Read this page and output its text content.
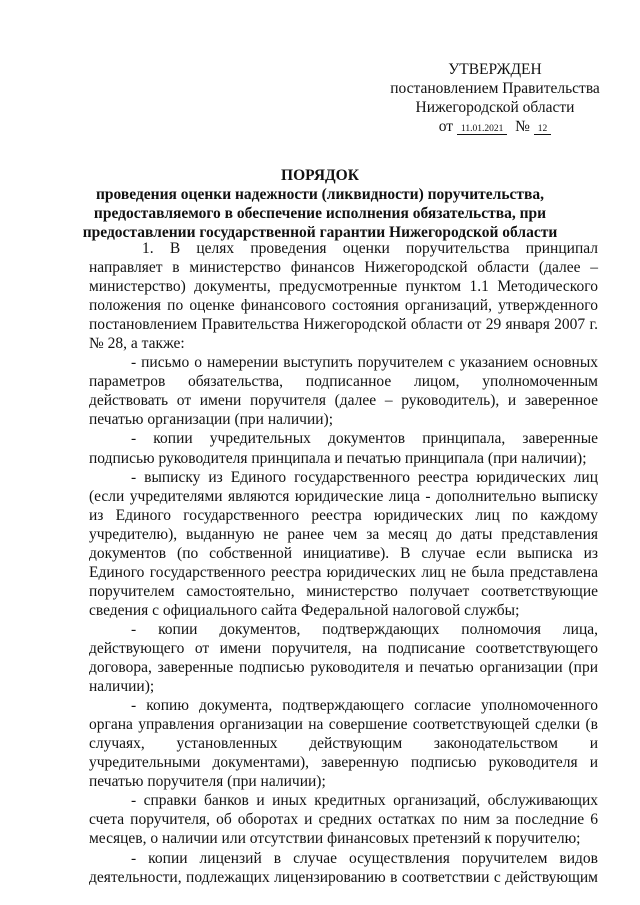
УТВЕРЖДЕН
постановлением Правительства
Нижегородской области
от 11.01.2021 № 12
ПОРЯДОК
проведения оценки надежности (ликвидности) поручительства,
предоставляемого в обеспечение исполнения обязательства, при
предоставлении государственной гарантии Нижегородской области

1. В целях проведения оценки поручительства принципал направляет в министерство финансов Нижегородской области (далее – министерство) документы, предусмотренные пунктом 1.1 Методического положения по оценке финансового состояния организаций, утвержденного постановлением Правительства Нижегородской области от 29 января 2007 г. № 28, а также:

- письмо о намерении выступить поручителем с указанием основных параметров обязательства, подписанное лицом, уполномоченным действовать от имени поручителя (далее – руководитель), и заверенное печатью организации (при наличии);

- копии учредительных документов принципала, заверенные подписью руководителя принципала и печатью принципала (при наличии);

- выписку из Единого государственного реестра юридических лиц (если учредителями являются юридические лица - дополнительно выписку из Единого государственного реестра юридических лиц по каждому учредителю), выданную не ранее чем за месяц до даты представления документов (по собственной инициативе). В случае если выписка из Единого государственного реестра юридических лиц не была представлена поручителем самостоятельно, министерство получает соответствующие сведения с официального сайта Федеральной налоговой службы;

- копии документов, подтверждающих полномочия лица, действующего от имени поручителя, на подписание соответствующего договора, заверенные подписью руководителя и печатью организации (при наличии);

- копию документа, подтверждающего согласие уполномоченного органа управления организации на совершение соответствующей сделки (в случаях, установленных действующим законодательством и учредительными документами), заверенную подписью руководителя и печатью поручителя (при наличии);

- справки банков и иных кредитных организаций, обслуживающих счета поручителя, об оборотах и средних остатках по ним за последние 6 месяцев, о наличии или отсутствии финансовых претензий к поручителю;

- копии лицензий в случае осуществления поручителем видов деятельности, подлежащих лицензированию в соответствии с действующим
